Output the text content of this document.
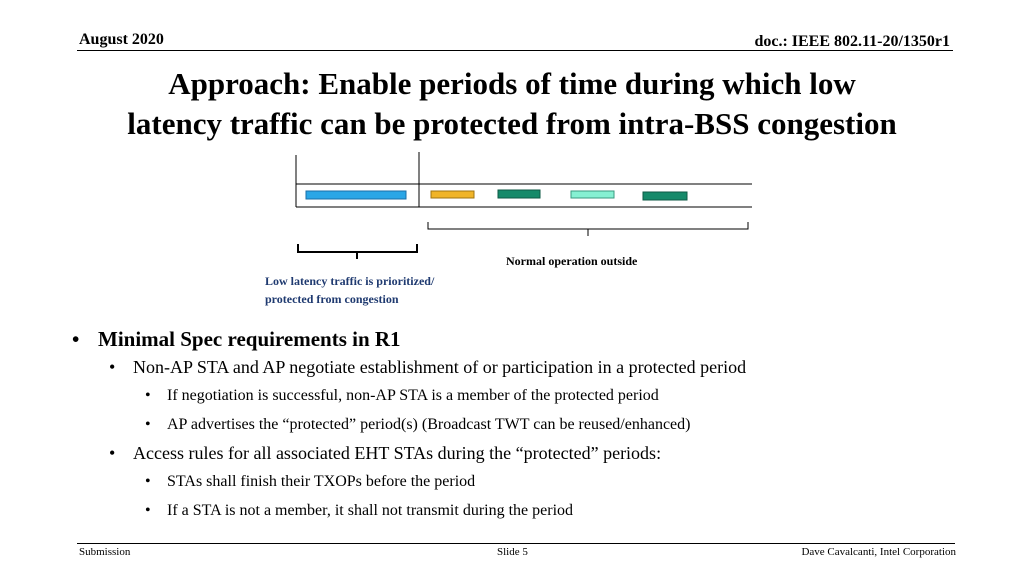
August 2020	doc.: IEEE 802.11-20/1350r1
Approach: Enable periods of time during which low
latency traffic can be protected from intra-BSS congestion
Low latency traffic is prioritized/
protected from congestion
Normal operation outside
• Minimal Spec requirements in R1
• Non-AP STA and AP negotiate establishment of or participation in a protected period
• If negotiation is successful, non-AP STA is a member of the protected period
• AP advertises the “protected” period(s) (Broadcast TWT can be reused/enhanced)
• Access rules for all associated EHT STAs during the “protected” periods:
• STAs shall finish their TXOPs before the period
• If a STA is not a member, it shall not transmit during the period
Submission	Slide 5	Dave Cavalcanti, Intel Corporation
